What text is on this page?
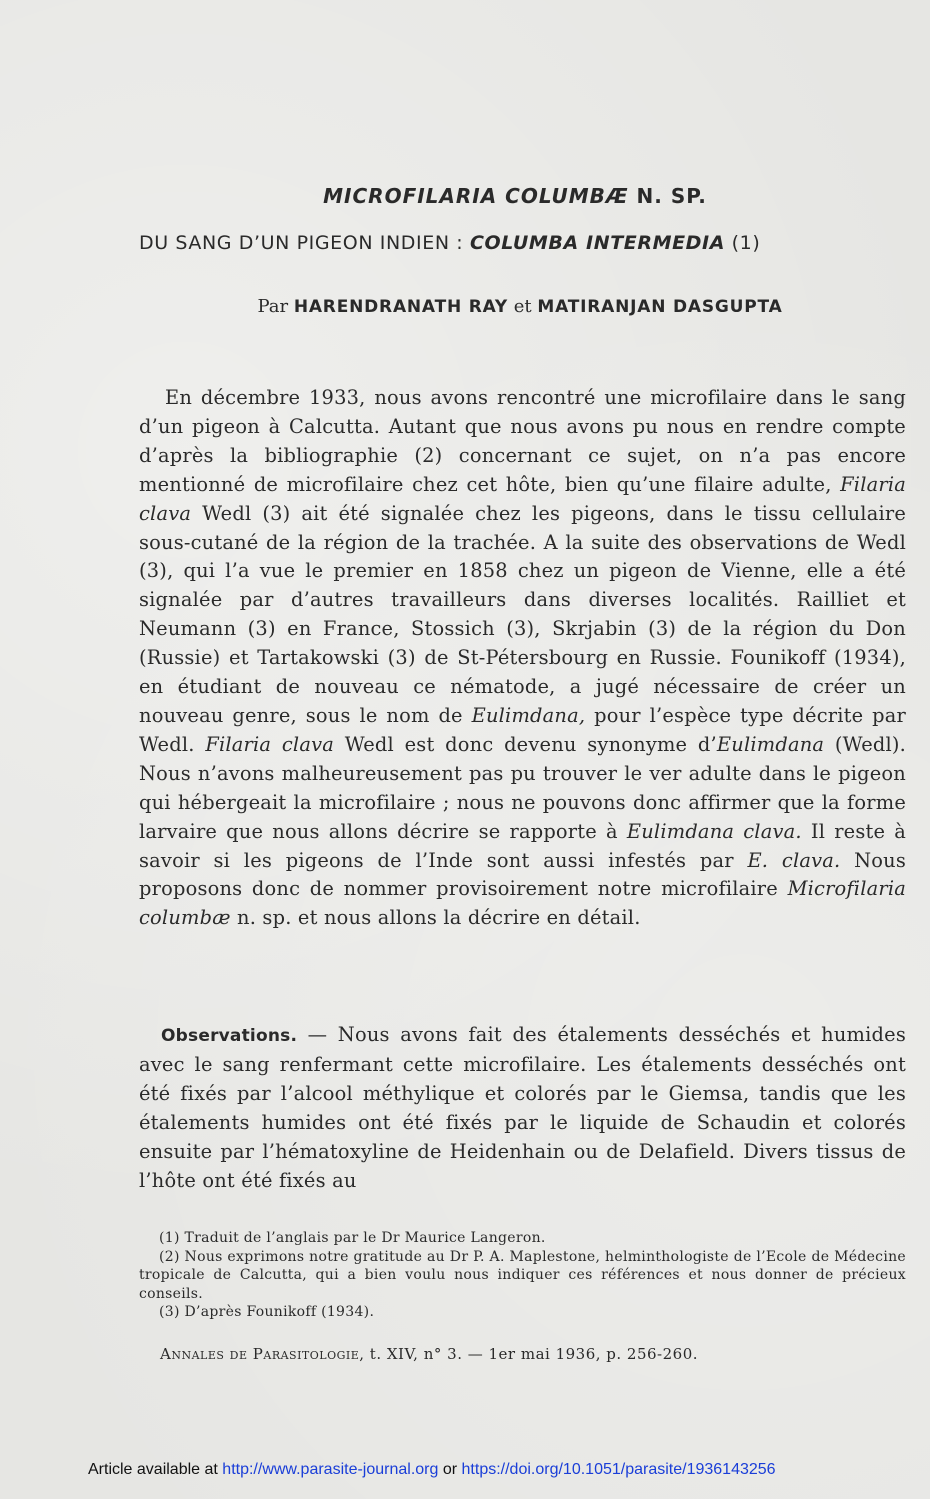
MICROFILARIA COLUMBÆ N. SP.
DU SANG D’UN PIGEON INDIEN : COLUMBA INTERMEDIA (1)
Par HARENDRANATH RAY et MATIRANJAN DASGUPTA

En décembre 1933, nous avons rencontré une microfilaire dans le sang d’un pigeon à Calcutta. Autant que nous avons pu nous en rendre compte d’après la bibliographie (2) concernant ce sujet, on n’a pas encore mentionné de microfilaire chez cet hôte, bien qu’une filaire adulte, Filaria clava Wedl (3) ait été signalée chez les pigeons, dans le tissu cellulaire sous-cutané de la région de la trachée. A la suite des observations de Wedl (3), qui l’a vue le premier en 1858 chez un pigeon de Vienne, elle a été signalée par d’autres travailleurs dans diverses localités. Railliet et Neumann (3) en France, Stossich (3), Skrjabin (3) de la région du Don (Russie) et Tartakowski (3) de St-Pétersbourg en Russie. Founikoff (1934), en étudiant de nouveau ce nématode, a jugé nécessaire de créer un nouveau genre, sous le nom de Eulimdana, pour l’espèce type décrite par Wedl. Filaria clava Wedl est donc devenu synonyme d’Eulimdana (Wedl). Nous n’avons malheureusement pas pu trouver le ver adulte dans le pigeon qui hébergeait la microfilaire ; nous ne pouvons donc affirmer que la forme larvaire que nous allons décrire se rapporte à Eulimdana clava. Il reste à savoir si les pigeons de l’Inde sont aussi infestés par E. clava. Nous proposons donc de nommer provisoirement notre microfilaire Microfilaria columbæ n. sp. et nous allons la décrire en détail.

Observations. — Nous avons fait des étalements desséchés et humides avec le sang renfermant cette microfilaire. Les étalements desséchés ont été fixés par l’alcool méthylique et colorés par le Giemsa, tandis que les étalements humides ont été fixés par le liquide de Schaudin et colorés ensuite par l’hématoxyline de Heidenhain ou de Delafield. Divers tissus de l’hôte ont été fixés au

(1) Traduit de l’anglais par le Dr Maurice Langeron.
(2) Nous exprimons notre gratitude au Dr P. A. Maplestone, helminthologiste de l’Ecole de Médecine tropicale de Calcutta, qui a bien voulu nous indiquer ces références et nous donner de précieux conseils.
(3) D’après Founikoff (1934).
Annales de Parasitologie, t. XIV, n° 3. — 1er mai 1936, p. 256-260.
Article available at http://www.parasite-journal.org or https://doi.org/10.1051/parasite/1936143256
